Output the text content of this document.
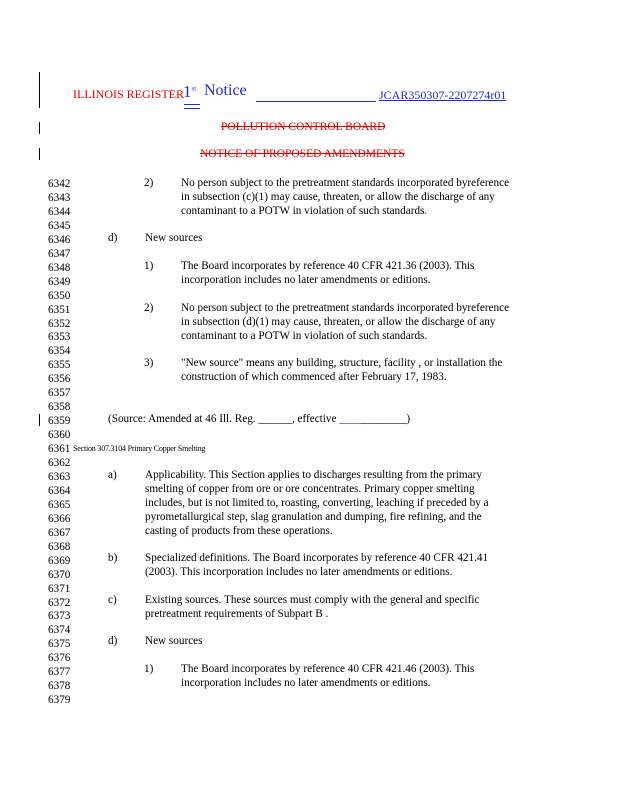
ILLINOIS REGISTER 1st Notice	JCAR350307-2207274r01
POLLUTION CONTROL BOARD
NOTICE OF PROPOSED AMENDMENTS
6342
6343
6344
6345
6346
6347
6348
6349
6350
6351
6352
6353
6354
6355
6356
6357
6358
6359
6360
6361
6362
6363
6364
6365
6366
6367
6368
6369
6370
6371
6372
6373
6374
6375
6376
6377
6378
6379
2) No person subject to the pretreatment standards incorporated byreference
in subsection (c)(1) may cause, threaten, or allow the discharge of any
contaminant to a POTW in violation of such standards.
d) New sources
1) The Board incorporates by reference 40 CFR 421.36 (2003). This
incorporation includes no later amendments or editions.
2) No person subject to the pretreatment standards incorporated byreference
in subsection (d)(1) may cause, threaten, or allow the discharge of any
contaminant to a POTW in violation of such standards.
3) "New source" means any building, structure, facility , or installation the
construction of which commenced after February 17, 1983.
(Source: Amended at 46 Ill. Reg. ______, effective ____________)
Section 307.3104 Primary Copper Smelting
a)	Applicability. This Section applies to discharges resulting from the primary
smelting of copper from ore or ore concentrates. Primary copper smelting
includes, but is not limited to, roasting, converting, leaching if preceded by a
pyrometallurgical step, slag granulation and dumping, fire refining, and the
casting of products from these operations.
b) Specialized definitions. The Board incorporates by reference 40 CFR 421.41
(2003). This incorporation includes no later amendments or editions.
c)	Existing sources. These sources must comply with the general and specific
pretreatment requirements of Subpart B .
d) New sources
1) The Board incorporates by reference 40 CFR 421.46 (2003). This
incorporation includes no later amendments or editions.
